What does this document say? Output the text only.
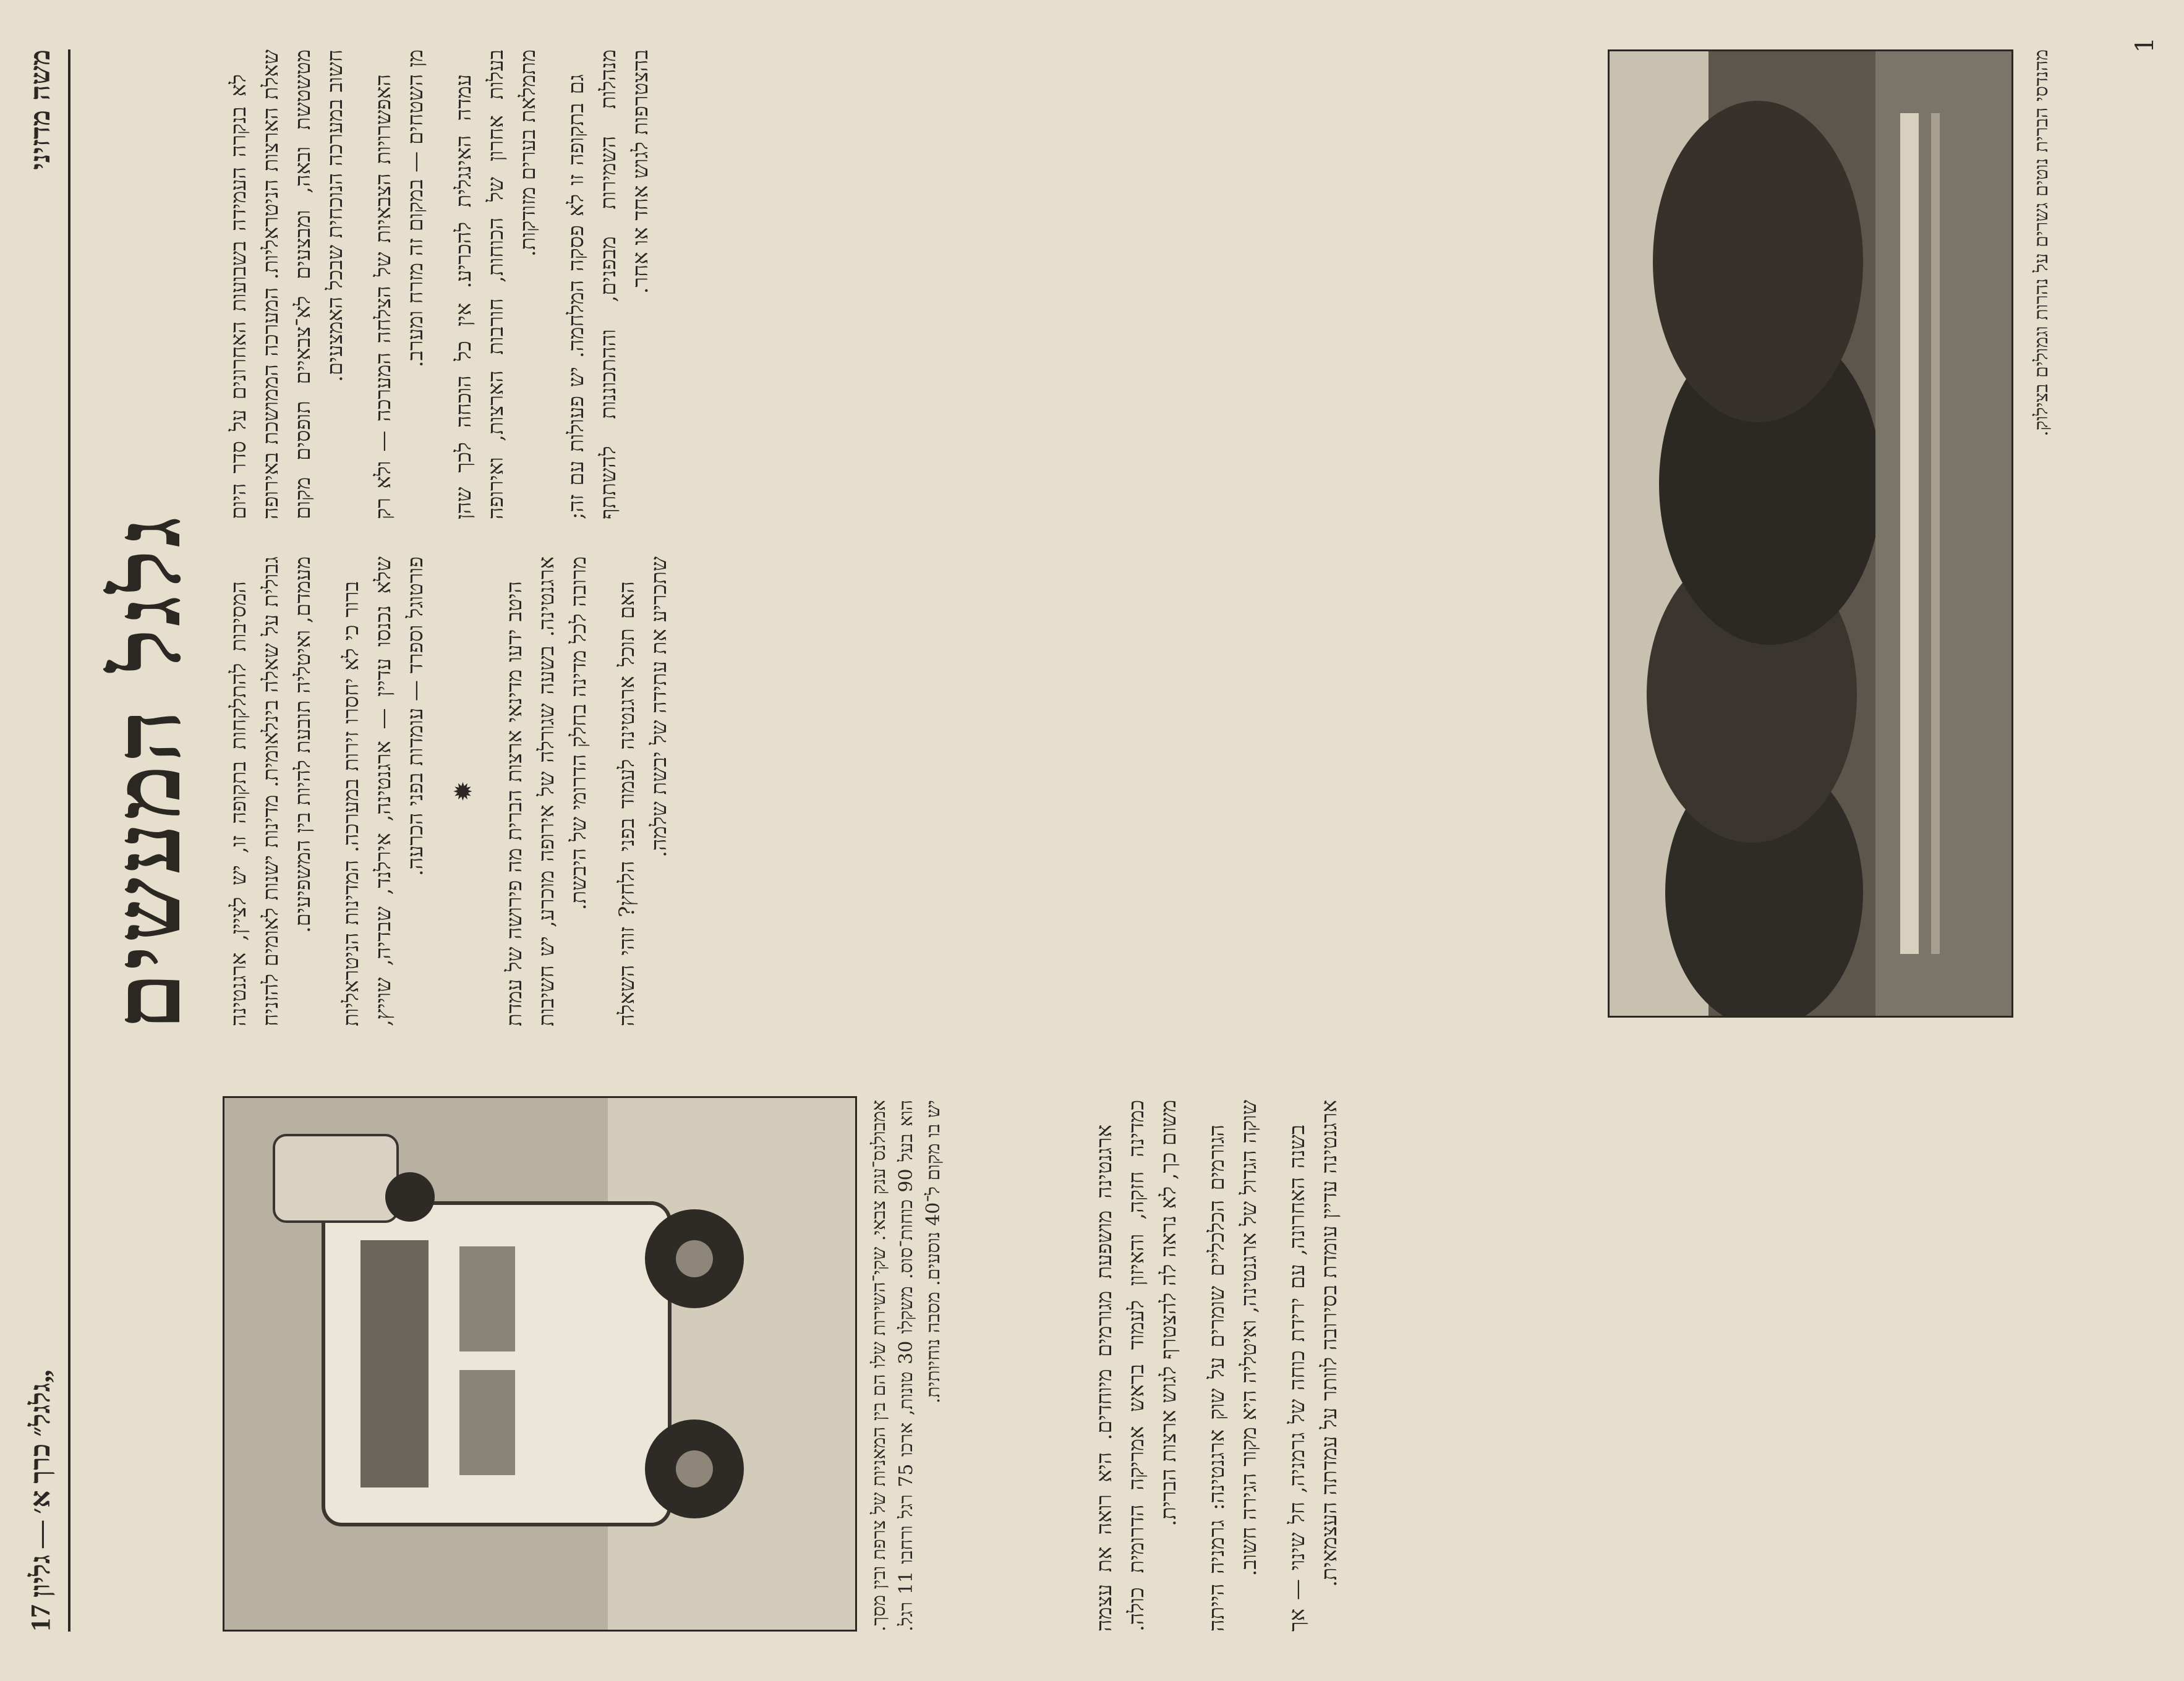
משה מדזיני
„גלגל״ כרך א׳ — גליון 17
גלגל המעשים

לא בנקרה העמידה בשבועות האחרונים על סדר היום שאלת הארצות הניטראליות. המערכה הממושכת באירופה מטשטשת ובאה, ומבצעים לא־צבאיים תופסים מקום חשוב במערכה הנוכחית שבכל האמצעים. האפשרויות הצבאיות של הצלחה המערכה — ולא רק מן השטחים — במקום זה מזרח ומערב. עמדה האינגלית להכריע. אין כל הוכחה לכך שהן בעלות אחרון של הכוחות, חורבות הארצות, ואירופה מתמלאת בערים מזודקות. גם בתקופה זו לא פסקה המלחמה. יש פעולות עם זה; מנהלות השמירות מבפנים, וההתכוננות להשתתף בהצטרפות לגוש אחד או אחר.

המסיבות להתלקחות בתקופה זו, יש לציין, ארגנטינה גבולית על שאלה בינלאומית. מדינות ישנות לאומים להזניח מעמדם, ואיטליה תובעת להיות בין המשפיעים. ברור כי לא יחסרו זירות במערכה. המדינות הניטראליות שלא נכנסו עדיין — ארגנטינה, אירלנד, שבדיה, שוייץ, פורטוגל וספרד — עומדות בפני הכרעה. ✹ היטב ידעו מדינאי ארצות הברית מה פירושה של עמדת ארגנטינה. בשעה שגורלה של אירופה מוכרע, יש חשיבות מרובה לכל מדינה בחלק הדרומי של היבשת. האם תוכל ארגנטינה לעמוד בפני הלחץ? זוהי השאלה שתכריע את עתידה של יבשת שלמה.

אמבולנס־ענק צבאי. שקי־השירות שלו הם בין המאניות של צרפת ובין מסך. הוא בעל 90 כוחות־סוס. משקלו 30 טונות, ארכו 75 רגל ורחבו 11 רגל. יש בו מקום ל־40 נוסעים. מסבה נוחיותית.	ארגנטינה מושפעת מגורמים מיוחדים. היא רואה את עצמה כמדינה חזקה, והאיזון לעמוד בראש אמריקה הדרומית כולה. משום כך, לא נראה לה להצטרף לגוש ארצות הברית. הגורמים הכלכליים שומרים על שוק ארגנטינה: גרמניה הייתה שוקה הגדול של ארגנטינה, ואיטליה היא מקור הגירה חשוב. בשנה האחרונה, עם ירידת כוחה של גרמניה, חל שינוי — אך ארגנטינה עדיין עומדת בסירובה לוותר על עמדתה העצמאית.

מהנדסי הברית נוטים גשרים על נהרות וגמולים בצילוק.
1
